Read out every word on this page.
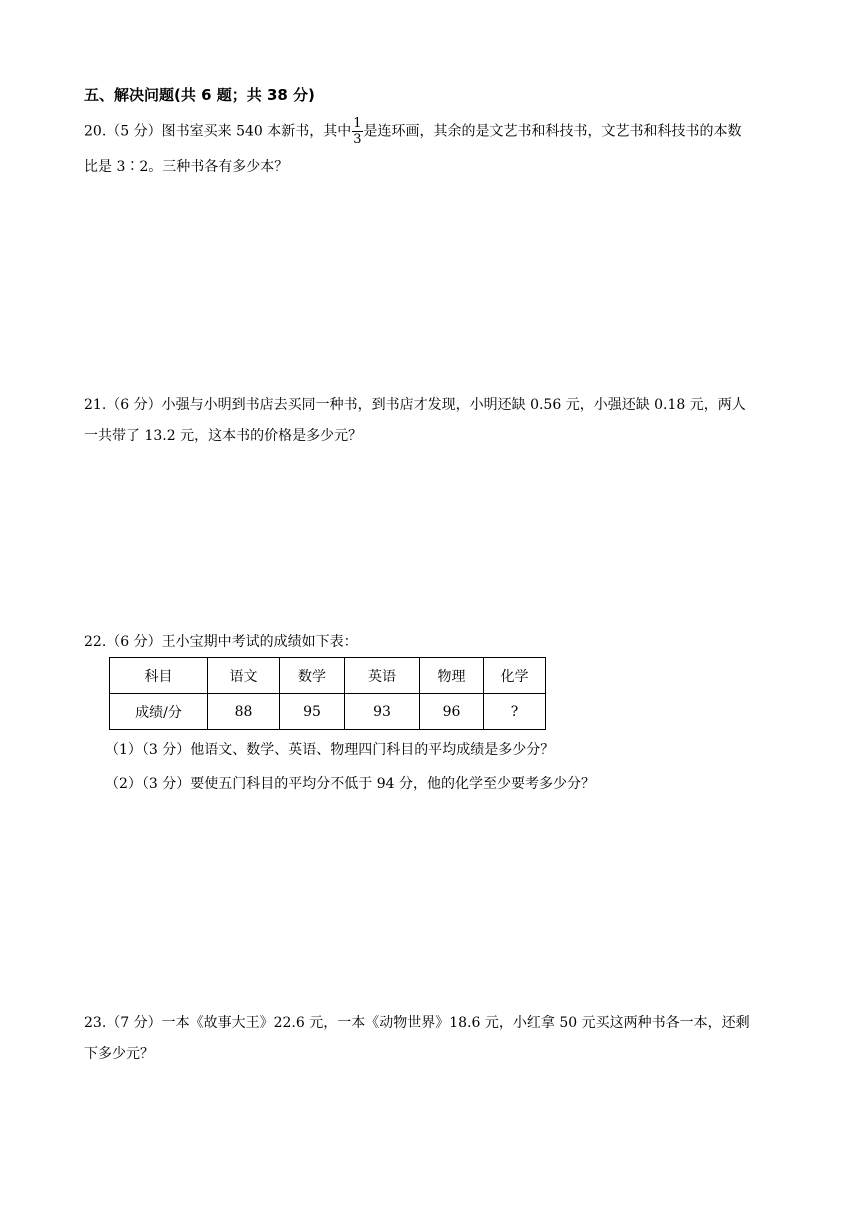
五、解决问题(共 6 题；共 38 分)
20.（5 分）图书室买来 540 本新书，其中 $\frac{1}{3}$ 是连环画，其余的是文艺书和科技书，文艺书和科技书的本数
比是 3∶2。三种书各有多少本？
21.（6 分）小强与小明到书店去买同一种书，到书店才发现，小明还缺 0.56 元，小强还缺 0.18 元，两人
一共带了 13.2 元，这本书的价格是多少元？
22.（6 分）王小宝期中考试的成绩如下表：
科目	语文	数学	英语	物理	化学
成绩/分	88	95	93	96	?
（1）（3 分）他语文、数学、英语、物理四门科目的平均成绩是多少分？
（2）（3 分）要使五门科目的平均分不低于 94 分，他的化学至少要考多少分？
23.（7 分）一本《故事大王》22.6 元，一本《动物世界》18.6 元，小红拿 50 元买这两种书各一本，还剩
下多少元？
